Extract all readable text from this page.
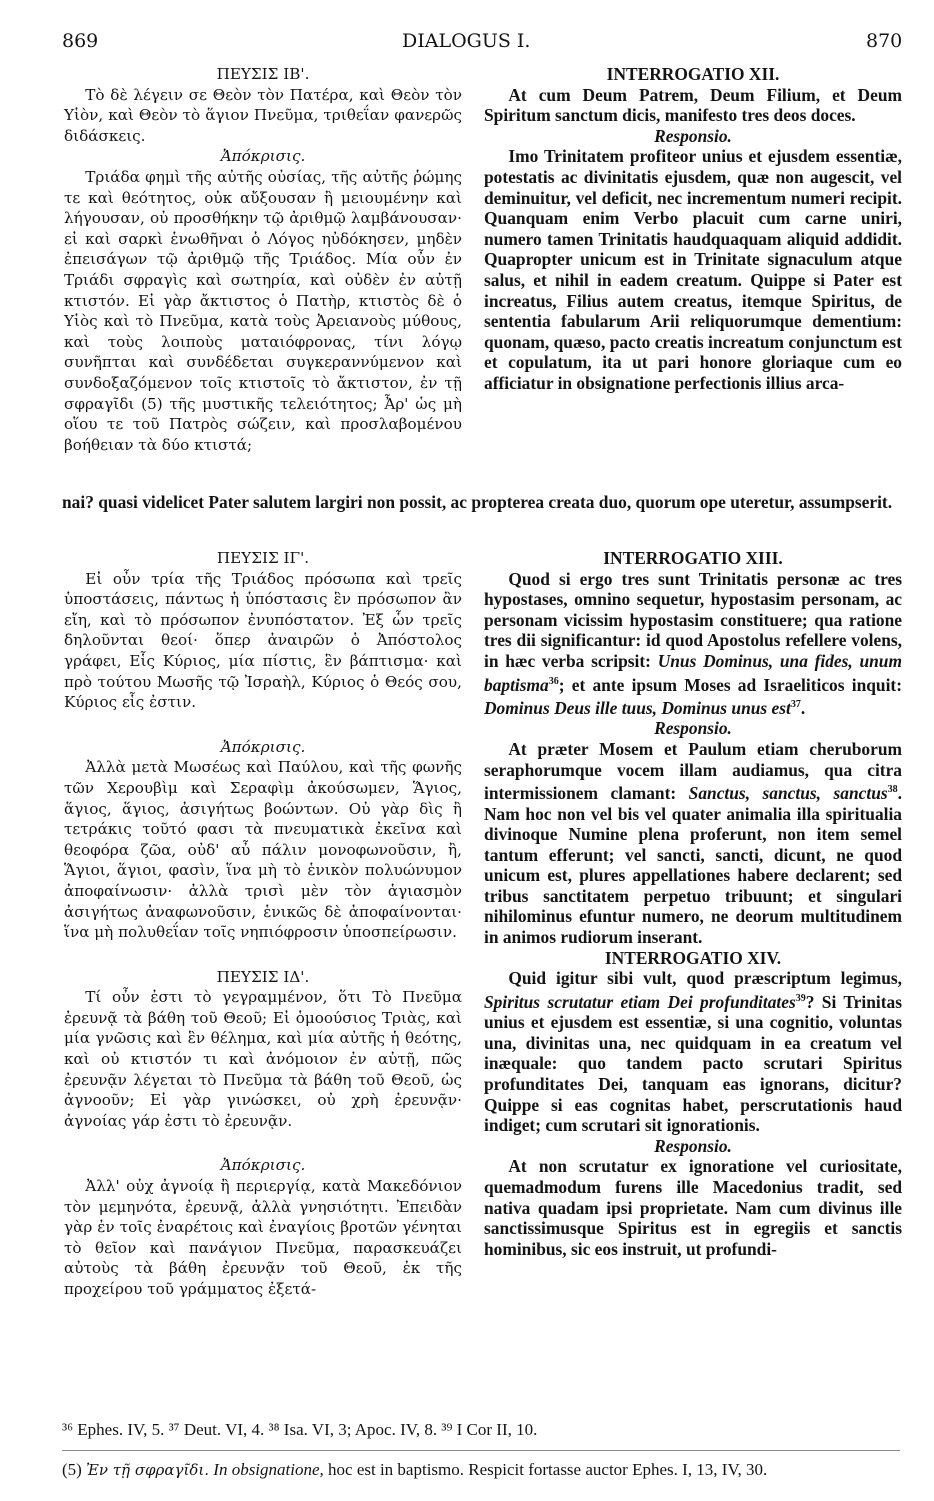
869	DIALOGUS I.	870

ΠΕΥΣΙΣ ΙΒ'.

Τὸ δὲ λέγειν σε Θεὸν τὸν Πατέρα, καὶ Θεὸν τὸν Υἱὸν, καὶ Θεὸν τὸ ἅγιον Πνεῦμα, τριθεΐαν φανερῶς διδάσκεις.

Ἀπόκρισις.

Τριάδα φημὶ τῆς αὐτῆς οὐσίας, τῆς αὐτῆς ῥώμης τε καὶ θεότητος, οὐκ αὔξουσαν ἢ μειουμένην καὶ λήγουσαν, οὐ προσθήκην τῷ ἀριθμῷ λαμβάνουσαν· εἰ καὶ σαρκὶ ἑνωθῆναι ὁ Λόγος ηὐδόκησεν, μηδὲν ἐπεισάγων τῷ ἀριθμῷ τῆς Τριάδος. Μία οὖν ἐν Τριάδι σφραγὶς καὶ σωτηρία, καὶ οὐδὲν ἐν αὐτῇ κτιστόν. Εἰ γὰρ ἄκτιστος ὁ Πατὴρ, κτιστὸς δὲ ὁ Υἱὸς καὶ τὸ Πνεῦμα, κατὰ τοὺς Ἀρειανοὺς μύθους, καὶ τοὺς λοιποὺς ματαιόφρονας, τίνι λόγῳ συνῆπται καὶ συνδέδεται συγκεραννύμενον καὶ συνδοξαζόμενον τοῖς κτιστοῖς τὸ ἄκτιστον, ἐν τῇ σφραγῖδι (5) τῆς μυστικῆς τελειότητος; Ἆρ' ὡς μὴ οἵου τε τοῦ Πατρὸς σώζειν, καὶ προσλαβομένου βοήθειαν τὰ δύο κτιστά;

INTERROGATIO XII.

At cum Deum Patrem, Deum Filium, et Deum Spiritum sanctum dicis, manifesto tres deos doces.

Responsio.

Imo Trinitatem profiteor unius et ejusdem essentiæ, potestatis ac divinitatis ejusdem, quæ non augescit, vel deminuitur, vel deficit, nec incrementum numeri recipit. Quanquam enim Verbo placuit cum carne uniri, numero tamen Trinitatis haudquaquam aliquid addidit. Quapropter unicum est in Trinitate signaculum atque salus, et nihil in eadem creatum. Quippe si Pater est increatus, Filius autem creatus, itemque Spiritus, de sententia fabularum Arii reliquorumque dementium: quonam, quæso, pacto creatis increatum conjunctum est et copulatum, ita ut pari honore gloriaque cum eo afficiatur in obsignatione perfectionis illius arca-

nai? quasi videlicet Pater salutem largiri non possit, ac propterea creata duo, quorum ope uteretur, assumpserit.

ΠΕΥΣΙΣ ΙΓ'.

Εἰ οὖν τρία τῆς Τριάδος πρόσωπα καὶ τρεῖς ὑποστάσεις, πάντως ἡ ὑπόστασις ἓν πρόσωπον ἂν εἴη, καὶ τὸ πρόσωπον ἐνυπόστατον. Ἐξ ὧν τρεῖς δηλοῦνται θεοί· ὅπερ ἀναιρῶν ὁ Ἀπόστολος γράφει, Εἷς Κύριος, μία πίστις, ἓν βάπτισμα· καὶ πρὸ τούτου Μωσῆς τῷ Ἰσραὴλ, Κύριος ὁ Θεός σου, Κύριος εἷς ἐστιν.

Ἀπόκρισις.

Ἀλλὰ μετὰ Μωσέως καὶ Παύλου, καὶ τῆς φωνῆς τῶν Χερουβὶμ καὶ Σεραφὶμ ἀκούσωμεν, Ἅγιος, ἅγιος, ἅγιος, ἀσιγήτως βοώντων. Οὐ γὰρ δὶς ἢ τετράκις τοῦτό φασι τὰ πνευματικὰ ἐκεῖνα καὶ θεοφόρα ζῶα, οὐδ' αὖ πάλιν μονοφωνοῦσιν, ἢ, Ἅγιοι, ἅγιοι, φασὶν, ἵνα μὴ τὸ ἑνικὸν πολυώνυμον ἀποφαίνωσιν· ἀλλὰ τρισὶ μὲν τὸν ἁγιασμὸν ἀσιγήτως ἀναφωνοῦσιν, ἑνικῶς δὲ ἀποφαίνονται· ἵνα μὴ πολυθεΐαν τοῖς νηπιόφροσιν ὑποσπείρωσιν.

ΠΕΥΣΙΣ ΙΔ'.

Τί οὖν ἐστι τὸ γεγραμμένον, ὅτι Τὸ Πνεῦμα ἐρευνᾷ τὰ βάθη τοῦ Θεοῦ; Εἰ ὁμοούσιος Τριὰς, καὶ μία γνῶσις καὶ ἓν θέλημα, καὶ μία αὐτῆς ἡ θεότης, καὶ οὐ κτιστόν τι καὶ ἀνόμοιον ἐν αὐτῇ, πῶς ἐρευνᾷν λέγεται τὸ Πνεῦμα τὰ βάθη τοῦ Θεοῦ, ὡς ἀγνοοῦν; Εἰ γὰρ γινώσκει, οὐ χρὴ ἐρευνᾷν· ἀγνοίας γάρ ἐστι τὸ ἐρευνᾷν.

Ἀπόκρισις.

Ἀλλ' οὐχ ἀγνοίᾳ ἢ περιεργίᾳ, κατὰ Μακεδόνιον τὸν μεμηνότα, ἐρευνᾷ, ἀλλὰ γνησιότητι. Ἐπειδὰν γὰρ ἐν τοῖς ἐναρέτοις καὶ ἐναγίοις βροτῶν γένηται τὸ θεῖον καὶ πανάγιον Πνεῦμα, παρασκευάζει αὐτοὺς τὰ βάθη ἐρευνᾷν τοῦ Θεοῦ, ἐκ τῆς προχείρου τοῦ γράμματος ἐξετά-

INTERROGATIO XIII.

Quod si ergo tres sunt Trinitatis personæ ac tres hypostases, omnino sequetur, hypostasim personam, ac personam vicissim hypostasim constituere; qua ratione tres dii significantur: id quod Apostolus refellere volens, in hæc verba scripsit: Unus Dominus, una fides, unum baptisma$^{36}$; et ante ipsum Moses ad Israeliticos inquit: Dominus Deus ille tuus, Dominus unus est$^{37}$.

Responsio.

At præter Mosem et Paulum etiam cheruborum seraphorumque vocem illam audiamus, qua citra intermissionem clamant: Sanctus, sanctus, sanctus$^{38}$. Nam hoc non vel bis vel quater animalia illa spiritualia divinoque Numine plena proferunt, non item semel tantum efferunt; vel sancti, sancti, dicunt, ne quod unicum est, plures appellationes habere declarent; sed tribus sanctitatem perpetuo tribuunt; et singulari nihilominus efuntur numero, ne deorum multitudinem in animos rudiorum inserant.

INTERROGATIO XIV.

Quid igitur sibi vult, quod præscriptum legimus, Spiritus scrutatur etiam Dei profunditates$^{39}$? Si Trinitas unius et ejusdem est essentiæ, si una cognitio, voluntas una, divinitas una, nec quidquam in ea creatum vel inæquale: quo tandem pacto scrutari Spiritus profunditates Dei, tanquam eas ignorans, dicitur? Quippe si eas cognitas habet, perscrutationis haud indiget; cum scrutari sit ignorationis.

Responsio.

At non scrutatur ex ignoratione vel curiositate, quemadmodum furens ille Macedonius tradit, sed nativa quadam ipsi proprietate. Nam cum divinus ille sanctissimusque Spiritus est in egregiis et sanctis hominibus, sic eos instruit, ut profundi-

³⁶ Ephes. IV, 5. ³⁷ Deut. VI, 4. ³⁸ Isa. VI, 3; Apoc. IV, 8. ³⁹ I Cor II, 10.
(5) Ἐν τῇ σφραγῖδι. In obsignatione, hoc est in baptismo. Respicit fortasse auctor Ephes. I, 13, IV, 30.
